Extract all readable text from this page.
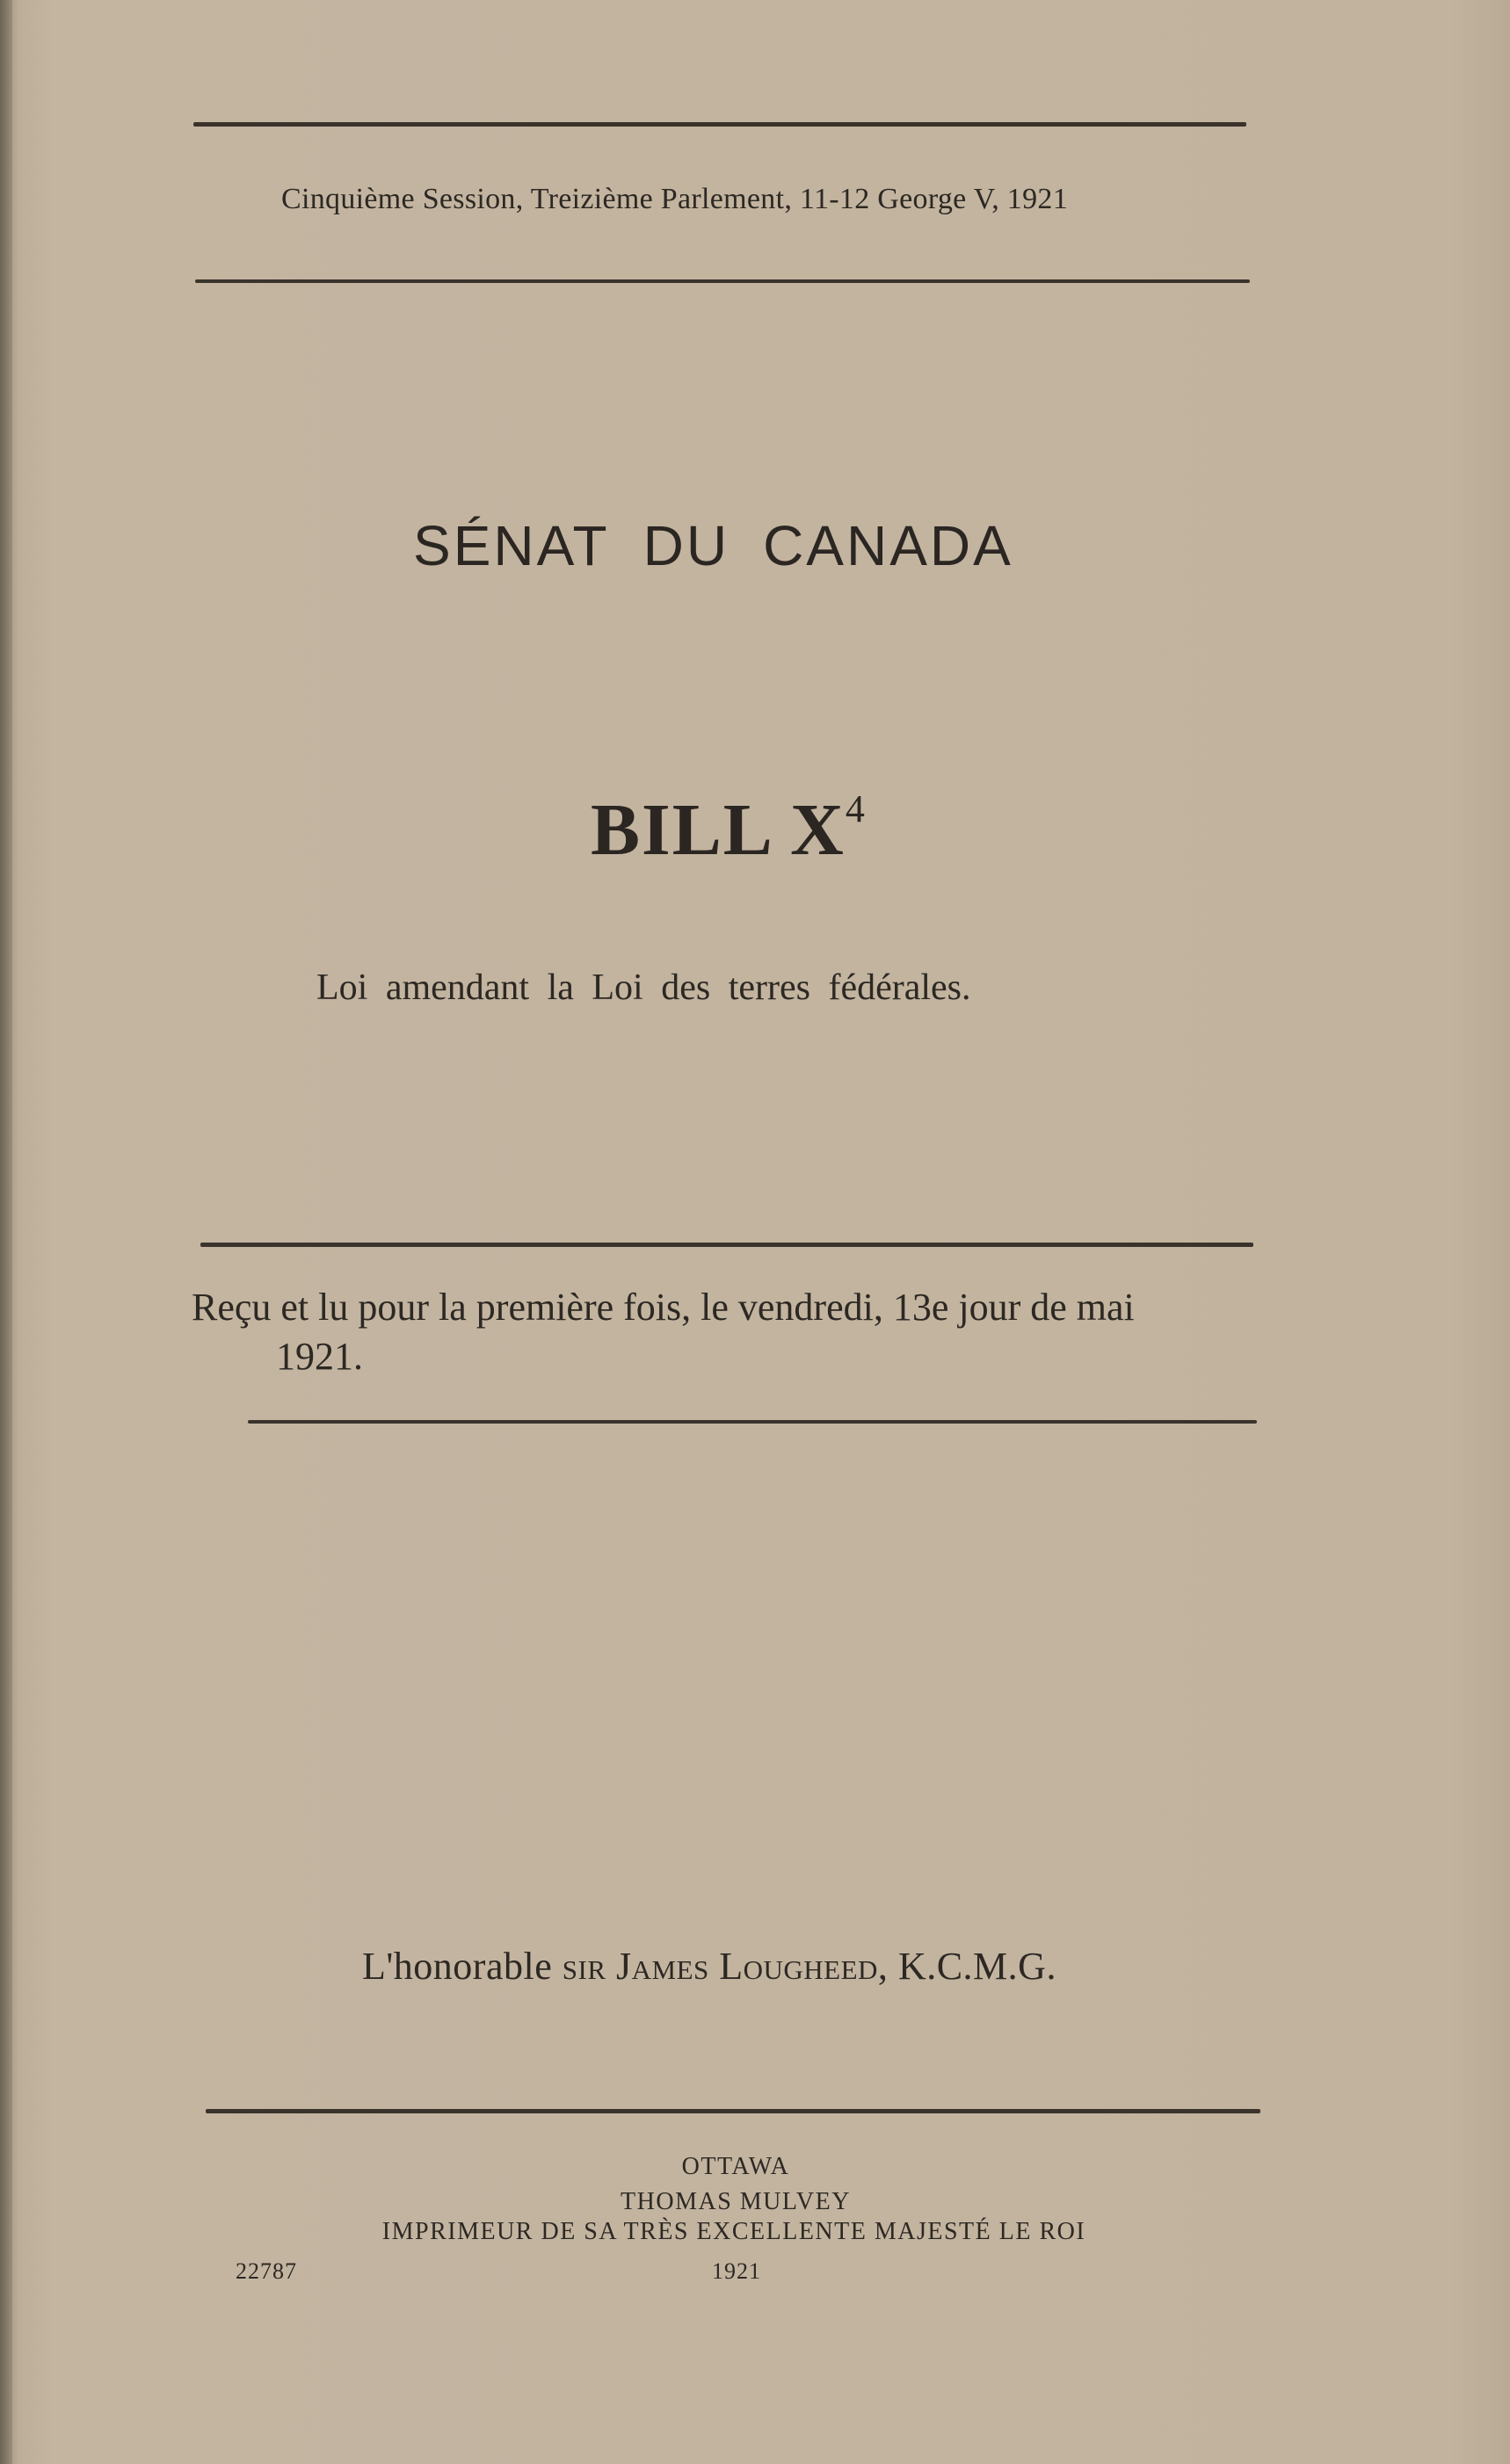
Cinquième Session, Treizième Parlement, 11-12 George V, 1921
SÉNAT DU CANADA
BILL $X^4$
Loi amendant la Loi des terres fédérales.
Reçu et lu pour la première fois, le vendredi, 13e jour de mai
1921.
L'honorable sir James Lougheed, K.C.M.G.
OTTAWA
THOMAS MULVEY
IMPRIMEUR DE SA TRÈS EXCELLENTE MAJESTÉ LE ROI
22787	1921
